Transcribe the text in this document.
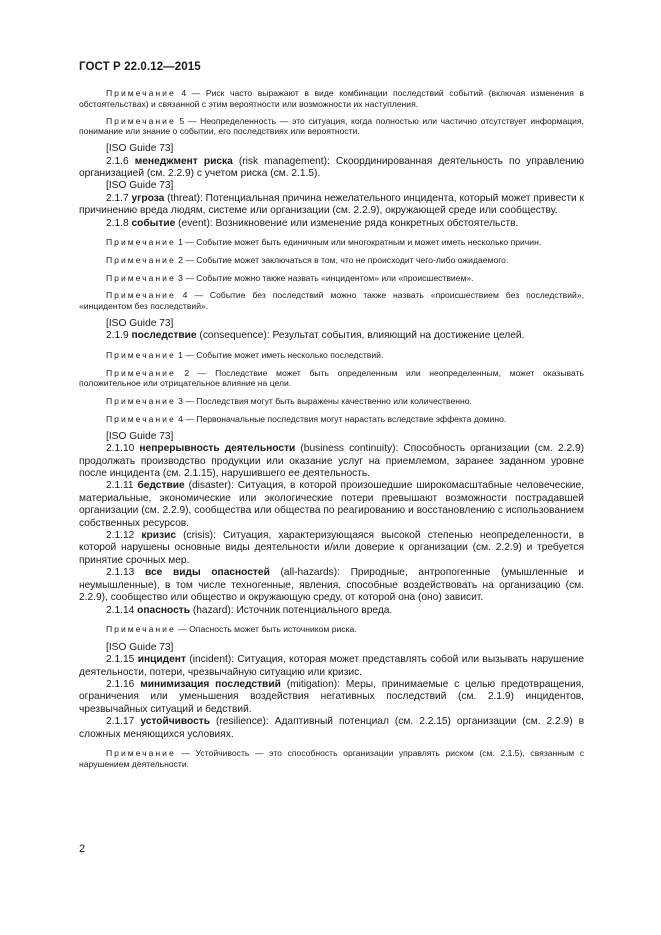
ГОСТ Р 22.0.12—2015

Примечание 4 — Риск часто выражают в виде комбинации последствий событий (включая изменения в обстоятельствах) и связанной с этим вероятности или возможности их наступления.

Примечание 5 — Неопределенность — это ситуация, когда полностью или частично отсутствует информация, понимание или знание о событии, его последствиях или вероятности.

[ISO Guide 73]

2.1.6 менеджмент риска (risk management): Скоординированная деятельность по управлению организацией (см. 2.2.9) с учетом риска (см. 2.1.5).

[ISO Guide 73]

2.1.7 угроза (threat): Потенциальная причина нежелательного инцидента, который может привести к причинению вреда людям, системе или организации (см. 2.2.9), окружающей среде или сообществу.

2.1.8 событие (event): Возникновение или изменение ряда конкретных обстоятельств.

Примечание 1 — Событие может быть единичным или многократным и может иметь несколько причин.

Примечание 2 — Событие может заключаться в том, что не происходит чего-либо ожидаемого.

Примечание 3 — Событие можно также назвать «инцидентом» или «происшествием».

Примечание 4 — Событие без последствий можно также назвать «происшествием без последствий», «инцидентом без последствий».

[ISO Guide 73]

2.1.9 последствие (consequence): Результат события, влияющий на достижение целей.

Примечание 1 — Событие может иметь несколько последствий.

Примечание 2 — Последствие может быть определенным или неопределенным, может оказывать положительное или отрицательное влияние на цели.

Примечание 3 — Последствия могут быть выражены качественно или количественно.

Примечание 4 — Первоначальные последствия могут нарастать вследствие эффекта домино.

[ISO Guide 73]

2.1.10 непрерывность деятельности (business continuity): Способность организации (см. 2.2.9) продолжать производство продукции или оказание услуг на приемлемом, заранее заданном уровне после инцидента (см. 2.1.15), нарушившего ее деятельность.

2.1.11 бедствие (disaster): Ситуация, в которой произошедшие широкомасштабные человеческие, материальные, экономические или экологические потери превышают возможности пострадавшей организации (см. 2.2.9), сообщества или общества по реагированию и восстановлению с использованием собственных ресурсов.

2.1.12 кризис (crisis): Ситуация, характеризующаяся высокой степенью неопределенности, в которой нарушены основные виды деятельности и/или доверие к организации (см. 2.2.9) и требуется принятие срочных мер.

2.1.13 все виды опасностей (all-hazards): Природные, антропогенные (умышленные и неумышленные), в том числе техногенные, явления, способные воздействовать на организацию (см. 2.2.9), сообщество или общество и окружающую среду, от которой она (оно) зависит.

2.1.14 опасность (hazard): Источник потенциального вреда.

Примечание — Опасность может быть источником риска.

[ISO Guide 73]

2.1.15 инцидент (incident): Ситуация, которая может представлять собой или вызывать нарушение деятельности, потери, чрезвычайную ситуацию или кризис.

2.1.16 минимизация последствий (mitigation): Меры, принимаемые с целью предотвращения, ограничения или уменьшения воздействия негативных последствий (см. 2.1.9) инцидентов, чрезвычайных ситуаций и бедствий.

2.1.17 устойчивость (resilience): Адаптивный потенциал (см. 2.2.15) организации (см. 2.2.9) в сложных меняющихся условиях.

Примечание — Устойчивость — это способность организации управлять риском (см. 2.1.5), связанным с нарушением деятельности.

2
